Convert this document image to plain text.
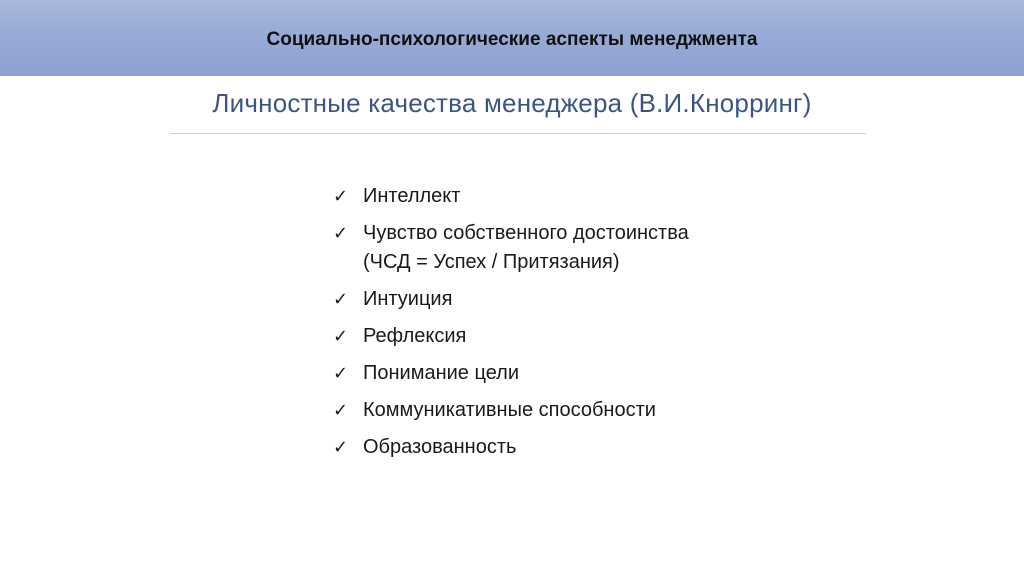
Социально-психологические аспекты менеджмента
Личностные качества менеджера (В.И.Кнорринг)
✓ Интеллект
✓ Чувство собственного достоинства
(ЧСД = Успех / Притязания)
✓ Интуиция
✓ Рефлексия
✓ Понимание цели
✓ Коммуникативные способности
✓ Образованность
